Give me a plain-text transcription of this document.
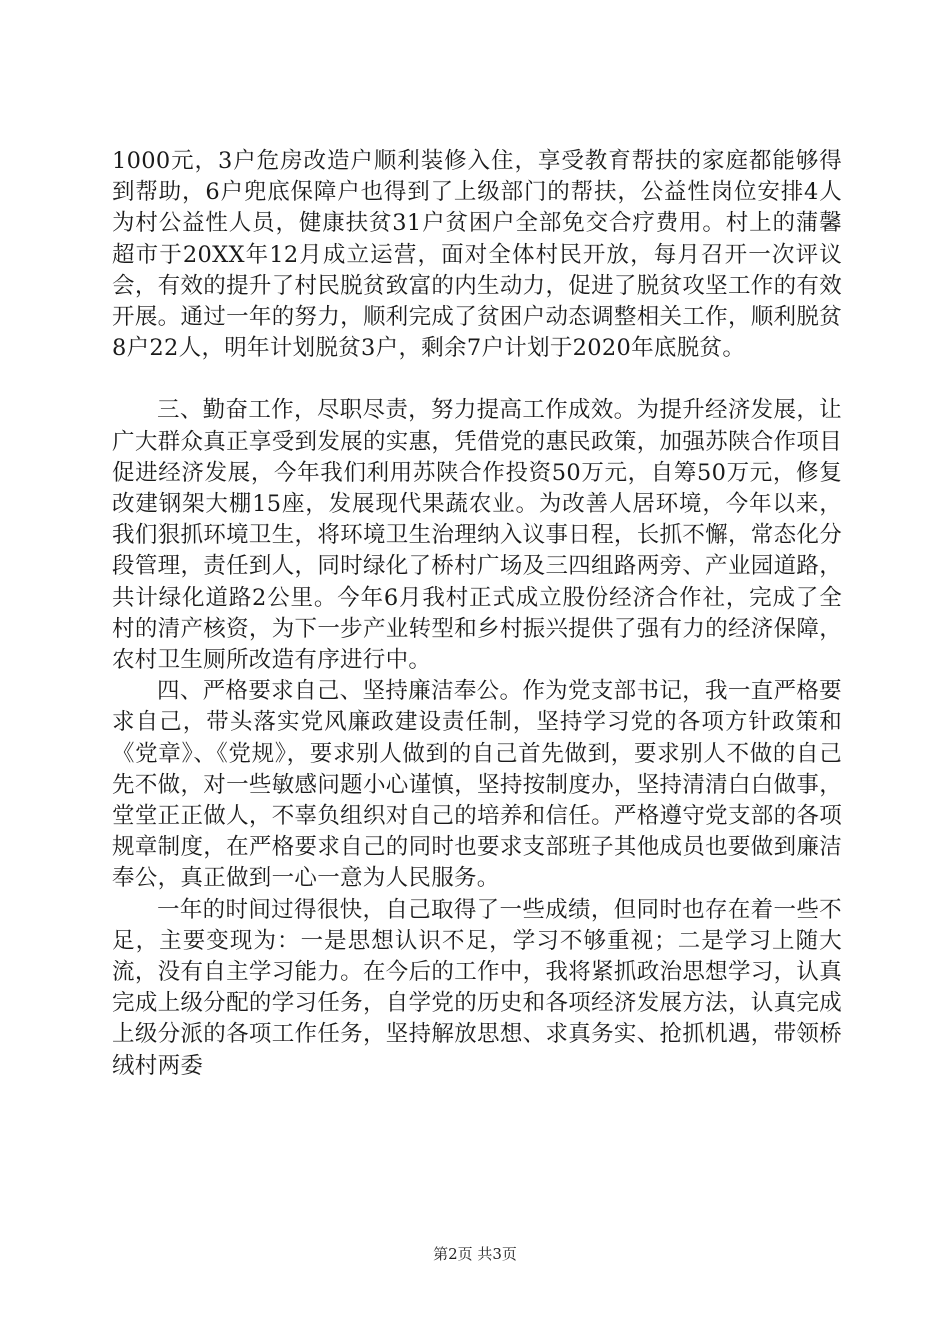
1000元，3户危房改造户顺利装修入住，享受教育帮扶的家庭都能够得到帮助，6户兜底保障户也得到了上级部门的帮扶，公益性岗位安排4人为村公益性人员，健康扶贫31户贫困户全部免交合疗费用。村上的蒲馨超市于20XX年12月成立运营，面对全体村民开放，每月召开一次评议会，有效的提升了村民脱贫致富的内生动力，促进了脱贫攻坚工作的有效开展。通过一年的努力，顺利完成了贫困户动态调整相关工作，顺利脱贫8户22人，明年计划脱贫3户，剩余7户计划于2020年底脱贫。

三、勤奋工作，尽职尽责，努力提高工作成效。为提升经济发展，让广大群众真正享受到发展的实惠，凭借党的惠民政策，加强苏陕合作项目促进经济发展，今年我们利用苏陕合作投资50万元，自筹50万元，修复改建钢架大棚15座，发展现代果蔬农业。为改善人居环境，今年以来，我们狠抓环境卫生，将环境卫生治理纳入议事日程，长抓不懈，常态化分段管理，责任到人，同时绿化了桥村广场及三四组路两旁、产业园道路，共计绿化道路2公里。今年6月我村正式成立股份经济合作社，完成了全村的清产核资，为下一步产业转型和乡村振兴提供了强有力的经济保障，农村卫生厕所改造有序进行中。

四、严格要求自己、坚持廉洁奉公。作为党支部书记，我一直严格要求自己，带头落实党风廉政建设责任制，坚持学习党的各项方针政策和《党章》、《党规》，要求别人做到的自己首先做到，要求别人不做的自己先不做，对一些敏感问题小心谨慎，坚持按制度办，坚持清清白白做事，堂堂正正做人，不辜负组织对自己的培养和信任。严格遵守党支部的各项规章制度，在严格要求自己的同时也要求支部班子其他成员也要做到廉洁奉公，真正做到一心一意为人民服务。

一年的时间过得很快，自己取得了一些成绩，但同时也存在着一些不足，主要变现为：一是思想认识不足，学习不够重视；二是学习上随大流，没有自主学习能力。在今后的工作中，我将紧抓政治思想学习，认真完成上级分配的学习任务，自学党的历史和各项经济发展方法，认真完成上级分派的各项工作任务，坚持解放思想、求真务实、抢抓机遇，带领桥绒村两委

第2页 共3页
